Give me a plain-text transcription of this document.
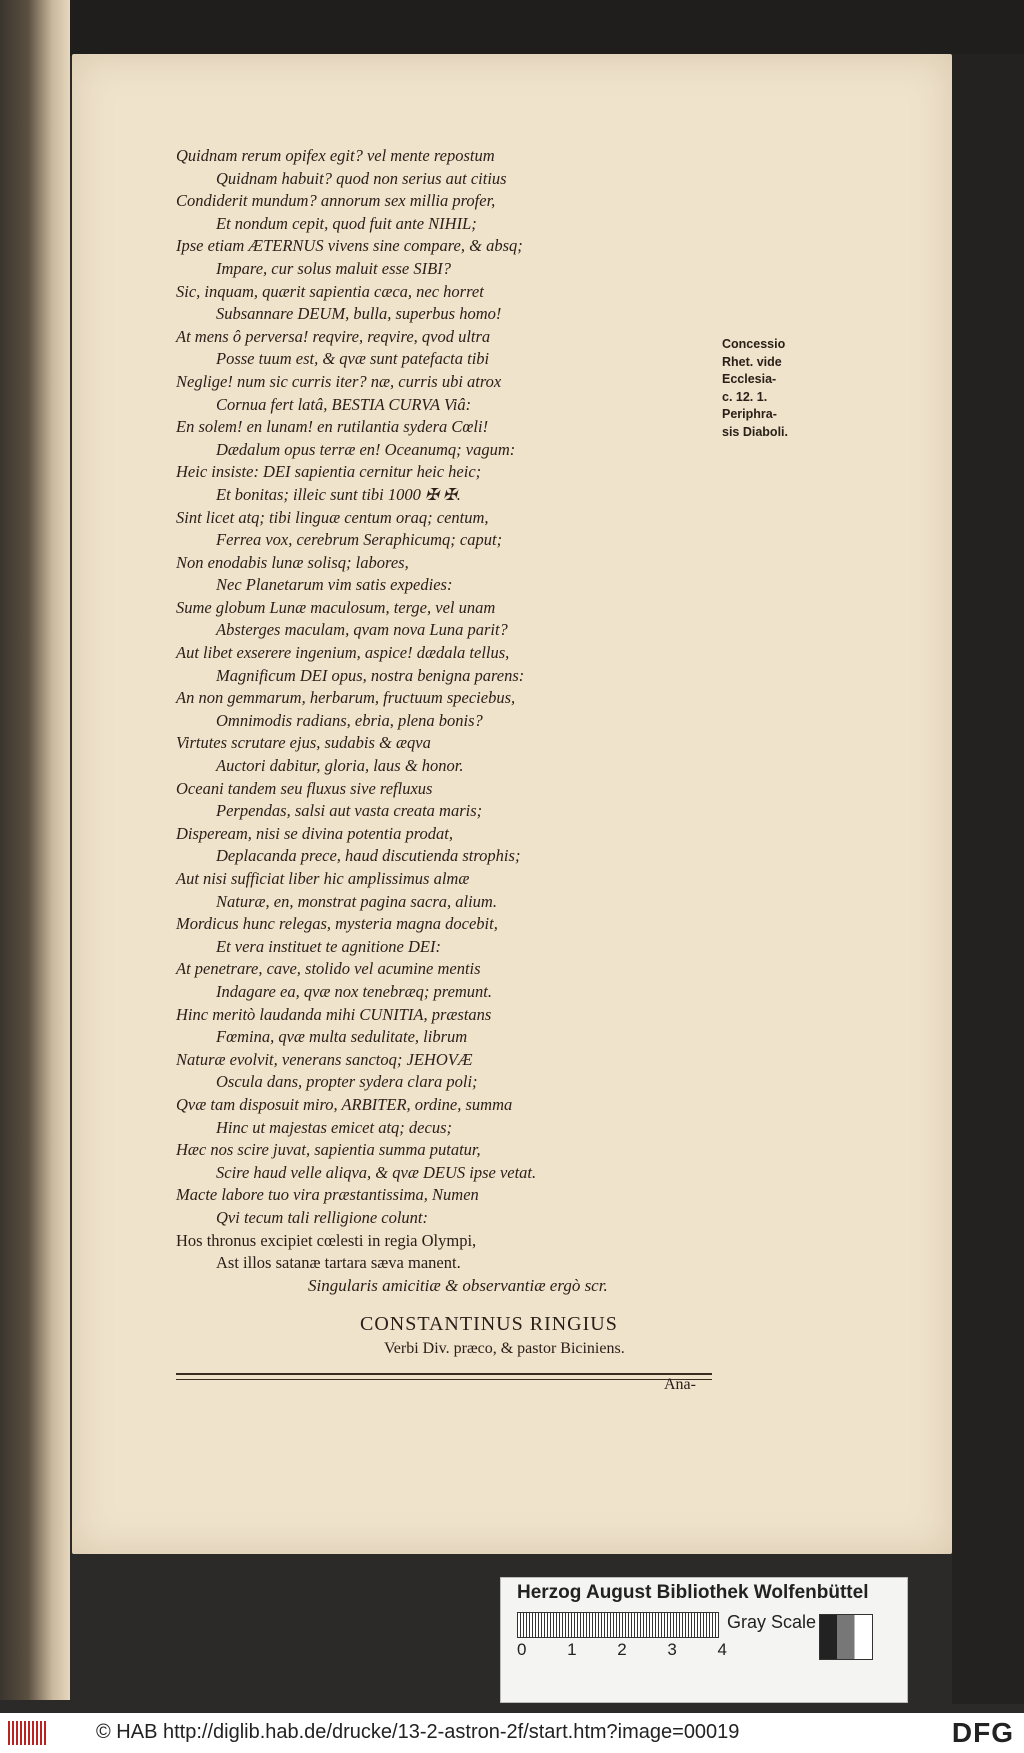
Quidnam rerum opifex egit? vel mente repostum
Quidnam habuit? quod non serius aut citius
Condiderit mundum? annorum sex millia profer,
Et nondum cepit, quod fuit ante NIHIL;
Ipse etiam ÆTERNUS vivens sine compare, & absq;
Impare, cur solus maluit esse SIBI?
Sic, inquam, quærit sapientia cæca, nec horret
Subsannare DEUM, bulla, superbus homo!
At mens ô perversa! reqvire, reqvire, qvod ultra
Posse tuum est, & qvæ sunt patefacta tibi
Neglige! num sic curris iter? næ, curris ubi atrox
Cornua fert latâ, BESTIA CURVA Viâ:
En solem! en lunam! en rutilantia sydera Cœli!
Dædalum opus terræ en! Oceanumq; vagum:
Heic insiste: DEI sapientia cernitur heic heic;
Et bonitas; illeic sunt tibi 1000 ✠ ✠.
Sint licet atq; tibi linguæ centum oraq; centum,
Ferrea vox, cerebrum Seraphicumq; caput;
Non enodabis lunæ solisq; labores,
Nec Planetarum vim satis expedies:
Sume globum Lunæ maculosum, terge, vel unam
Absterges maculam, qvam nova Luna parit?
Aut libet exserere ingenium, aspice! dædala tellus,
Magnificum DEI opus, nostra benigna parens:
An non gemmarum, herbarum, fructuum speciebus,
Omnimodis radians, ebria, plena bonis?
Virtutes scrutare ejus, sudabis & æqva
Auctori dabitur, gloria, laus & honor.
Oceani tandem seu fluxus sive refluxus
Perpendas, salsi aut vasta creata maris;
Dispeream, nisi se divina potentia prodat,
Deplacanda prece, haud discutienda strophis;
Aut nisi sufficiat liber hic amplissimus almæ
Naturæ, en, monstrat pagina sacra, alium.
Mordicus hunc relegas, mysteria magna docebit,
Et vera instituet te agnitione DEI:
At penetrare, cave, stolido vel acumine mentis
Indagare ea, qvæ nox tenebræq; premunt.
Hinc meritò laudanda mihi CUNITIA, præstans
Fœmina, qvæ multa sedulitate, librum
Naturæ evolvit, venerans sanctoq; JEHOVÆ
Oscula dans, propter sydera clara poli;
Qvæ tam disposuit miro, ARBITER, ordine, summa
Hinc ut majestas emicet atq; decus;
Hæc nos scire juvat, sapientia summa putatur,
Scire haud velle aliqva, & qvæ DEUS ipse vetat.
Macte labore tuo vira præstantissima, Numen
Qvi tecum tali relligione colunt:
Hos thronus excipiet cœlesti in regia Olympi,
Ast illos satanæ tartara sæva manent.
Concessio
Rhet. vide
Ecclesia-
c. 12. 1.
Periphra-
sis Diaboli.
Singularis amicitiæ & observantiæ ergò scr.
CONSTANTINUS RINGIUS
Verbi Div. præco, & pastor Biciniens.
Ana-
Herzog August Bibliothek Wolfenbüttel
0 1 2 3 4
Gray Scale
© HAB http://diglib.hab.de/drucke/13-2-astron-2f/start.htm?image=00019	DFG
